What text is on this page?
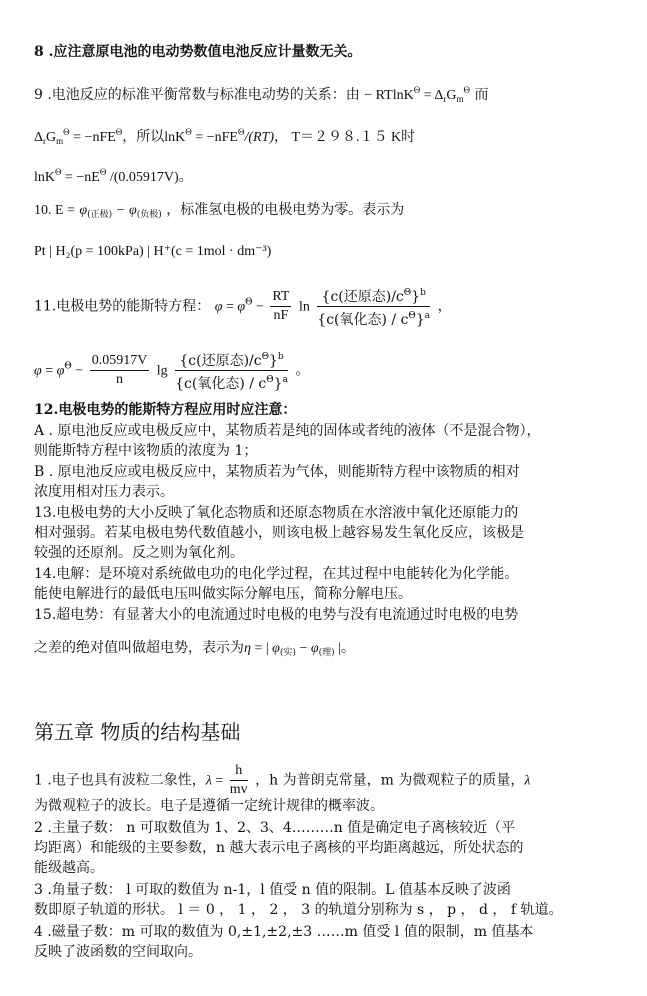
8 .应注意原电池的电动势数值电池反应计量数无关。
9 .电池反应的标准平衡常数与标准电动势的关系：由 − $RTlnK^\Theta = \Delta_rG_m^\Theta$ 而
$\Delta_rG_m^\Theta = -nFE^\Theta$，所以lnK$^\Theta$ = −nFE$^\Theta$/(RT)， T＝２９８.１５ K时
$\ln K^\Theta = -nE^\Theta$ /(0.05917V)。
10. $E = \varphi_{(正极)} - \varphi_{(负极)}$ ，标准氢电极的电极电势为零。表示为
Pt | H₂(p = 100kPa) | H⁺(c = 1mol · dm⁻³)
11.电极电势的能斯特方程： $\varphi = \varphi^\Theta - \frac{RT}{nF}$ $\ln \frac{\{c(还原态)/c^\Theta\}^b}{\{c(氧化态) / c^\Theta\}^a}$ ，
$\varphi = \varphi^\Theta - \frac{0.05917V}{n}$ $\lg \frac{\{c(还原态)/c^\Theta\}^b}{\{c(氧化态) / c^\Theta\}^a}$ 。
12.电极电势的能斯特方程应用时应注意：
A . 原电池反应或电极反应中，某物质若是纯的固体或者纯的液体（不是混合物），
则能斯特方程中该物质的浓度为 1；
B . 原电池反应或电极反应中，某物质若为气体，则能斯特方程中该物质的相对
浓度用相对压力表示。
13.电极电势的大小反映了氧化态物质和还原态物质在水溶液中氧化还原能力的
相对强弱。若某电极电势代数值越小，则该电极上越容易发生氧化反应，该极是
较强的还原剂。反之则为氧化剂。
14.电解：是环境对系统做电功的电化学过程，在其过程中电能转化为化学能。
能使电解进行的最低电压叫做实际分解电压，简称分解电压。
15.超电势：有显著大小的电流通过时电极的电势与没有电流通过时电极的电势
之差的绝对值叫做超电势，表示为η = | $\varphi_{(实)} - \varphi_{(理)}$ |。
第五章 物质的结构基础
1 .电子也具有波粒二象性，$\lambda = \frac{h}{mv}$ ，h 为普朗克常量，m 为微观粒子的质量，λ
为微观粒子的波长。电子是遵循一定统计规律的概率波。
2 .主量子数： n 可取数值为 1、2、3、4………n 值是确定电子离核较近（平
均距离）和能级的主要参数，n 越大表示电子离核的平均距离越远，所处状态的
能级越高。
3 .角量子数： l 可取的数值为 n-1，l 值受 n 值的限制。L 值基本反映了波函
数即原子轨道的形状。 l ＝ 0 ， 1 ， 2 ， 3 的轨道分别称为 s ， p ， d ， f 轨道。
4 .磁量子数：m 可取的数值为 0,±1,±2,±3 ……m 值受 l 值的限制，m 值基本
反映了波函数的空间取向。
